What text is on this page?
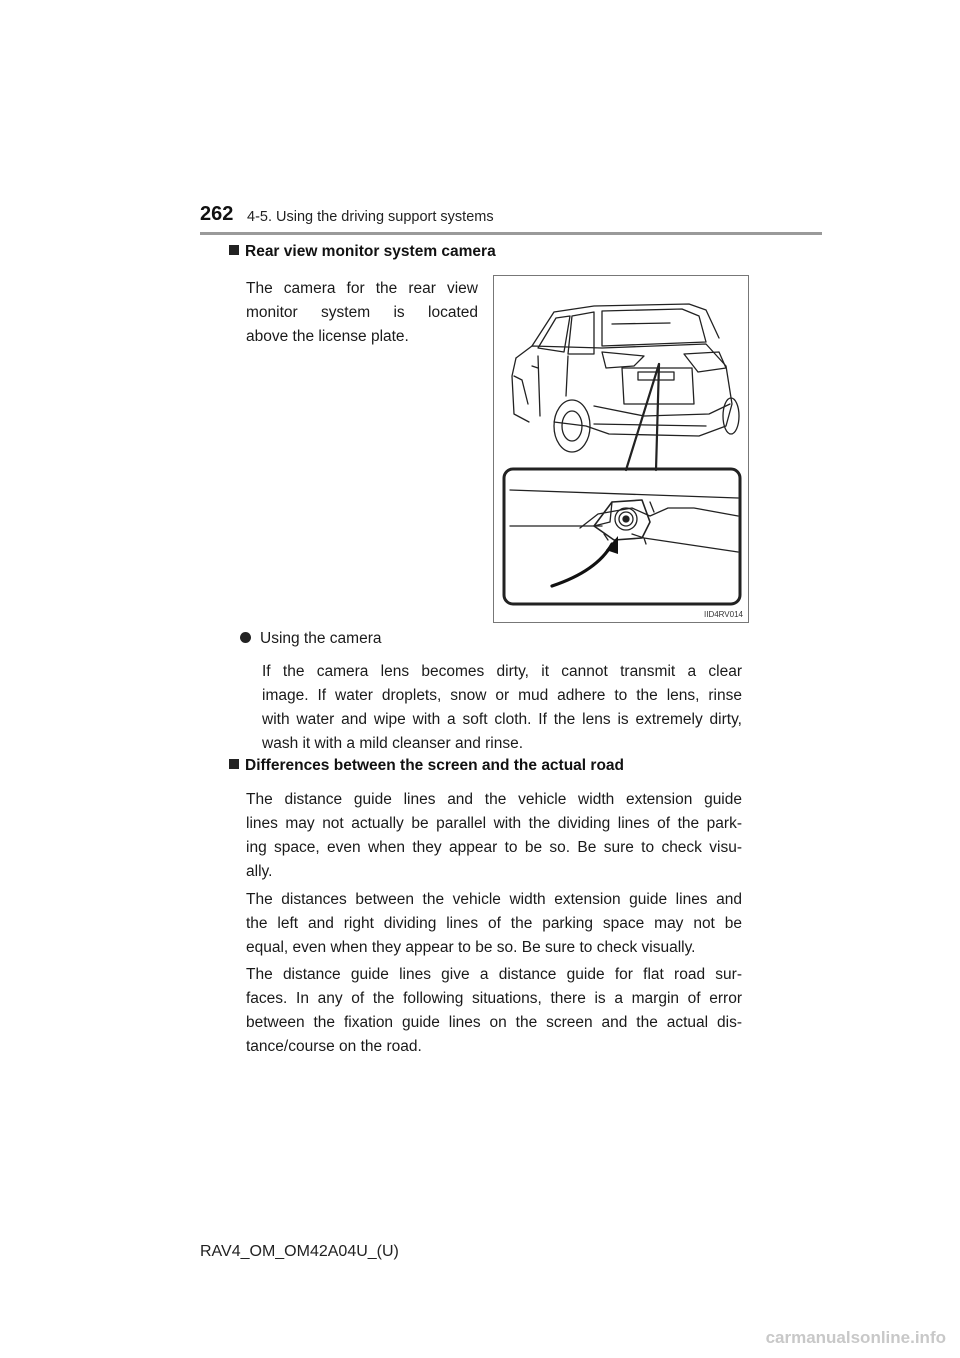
262 4-5. Using the driving support systems
Rear view monitor system camera
The camera for the rear view
monitor system is located
above the license plate.
IID4RV014
Using the camera
If the camera lens becomes dirty, it cannot transmit a clear
image. If water droplets, snow or mud adhere to the lens, rinse
with water and wipe with a soft cloth. If the lens is extremely dirty,
wash it with a mild cleanser and rinse.
Differences between the screen and the actual road
The distance guide lines and the vehicle width extension guide
lines may not actually be parallel with the dividing lines of the park-
ing space, even when they appear to be so. Be sure to check visu-
ally.
The distances between the vehicle width extension guide lines and
the left and right dividing lines of the parking space may not be
equal, even when they appear to be so. Be sure to check visually.
The distance guide lines give a distance guide for flat road sur-
faces. In any of the following situations, there is a margin of error
between the fixation guide lines on the screen and the actual dis-
tance/course on the road.
RAV4_OM_OM42A04U_(U)
carmanualsonline.info
